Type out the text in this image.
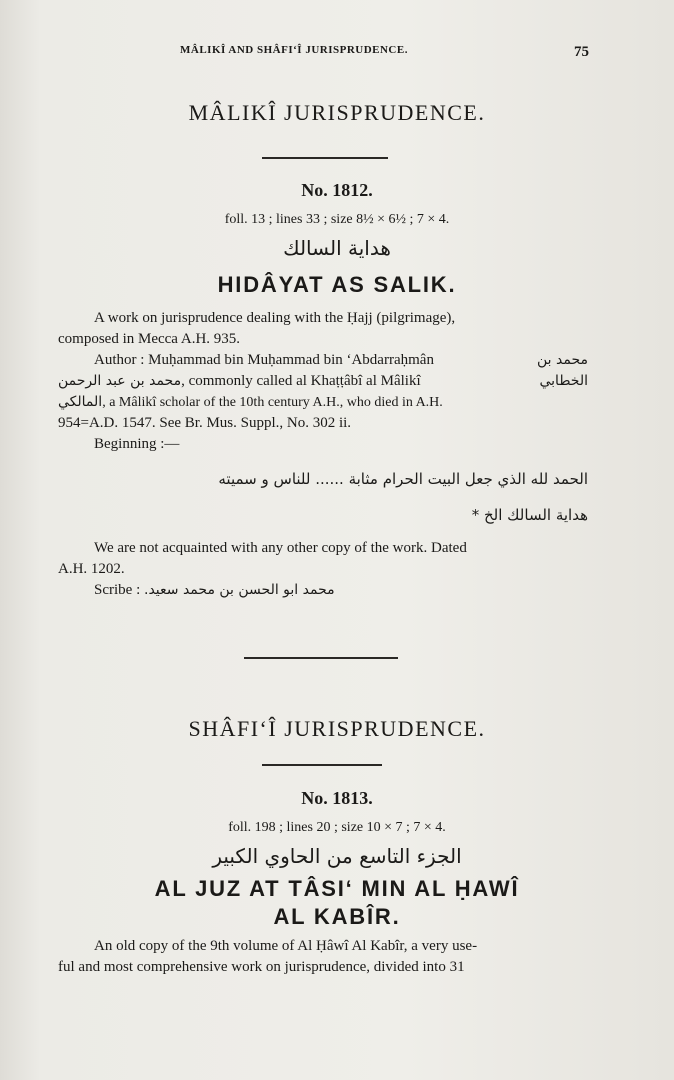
MÂLIKÎ AND SHÂFI‘Î JURISPRUDENCE.	75
MÂLIKÎ JURISPRUDENCE.
No. 1812.
foll. 13 ; lines 33 ; size 8½ × 6½ ; 7 × 4.
هداية السالك
HIDÂYAT AS SALIK.
A work on jurisprudence dealing with the Ḥajj (pilgrimage),
composed in Mecca A.H. 935.
Author : Muḥammad bin Muḥammad bin ‘Abdarraḥmân	محمد بن
محمد بن عبد الرحمن, commonly called al Khaṭṭâbî al Mâlikî	الخطابي
المالكي, a Mâlikî scholar of the 10th century A.H., who died in A.H.
954=A.D. 1547. See Br. Mus. Suppl., No. 302 ii.
Beginning :—
الحمد لله الذي جعل البيت الحرام مثابة ...... للناس و سميته
هداية السالك الخ *
We are not acquainted with any other copy of the work. Dated
A.H. 1202.
Scribe : محمد ابو الحسن بن محمد سعيد.
SHÂFI‘Î JURISPRUDENCE.
No. 1813.
foll. 198 ; lines 20 ; size 10 × 7 ; 7 × 4.
الجزء التاسع من الحاوي الكبير
AL JUZ AT TÂSI‘ MIN AL ḤAWÎ
AL KABÎR.
An old copy of the 9th volume of Al Ḥâwî Al Kabîr, a very use-
ful and most comprehensive work on jurisprudence, divided into 31
